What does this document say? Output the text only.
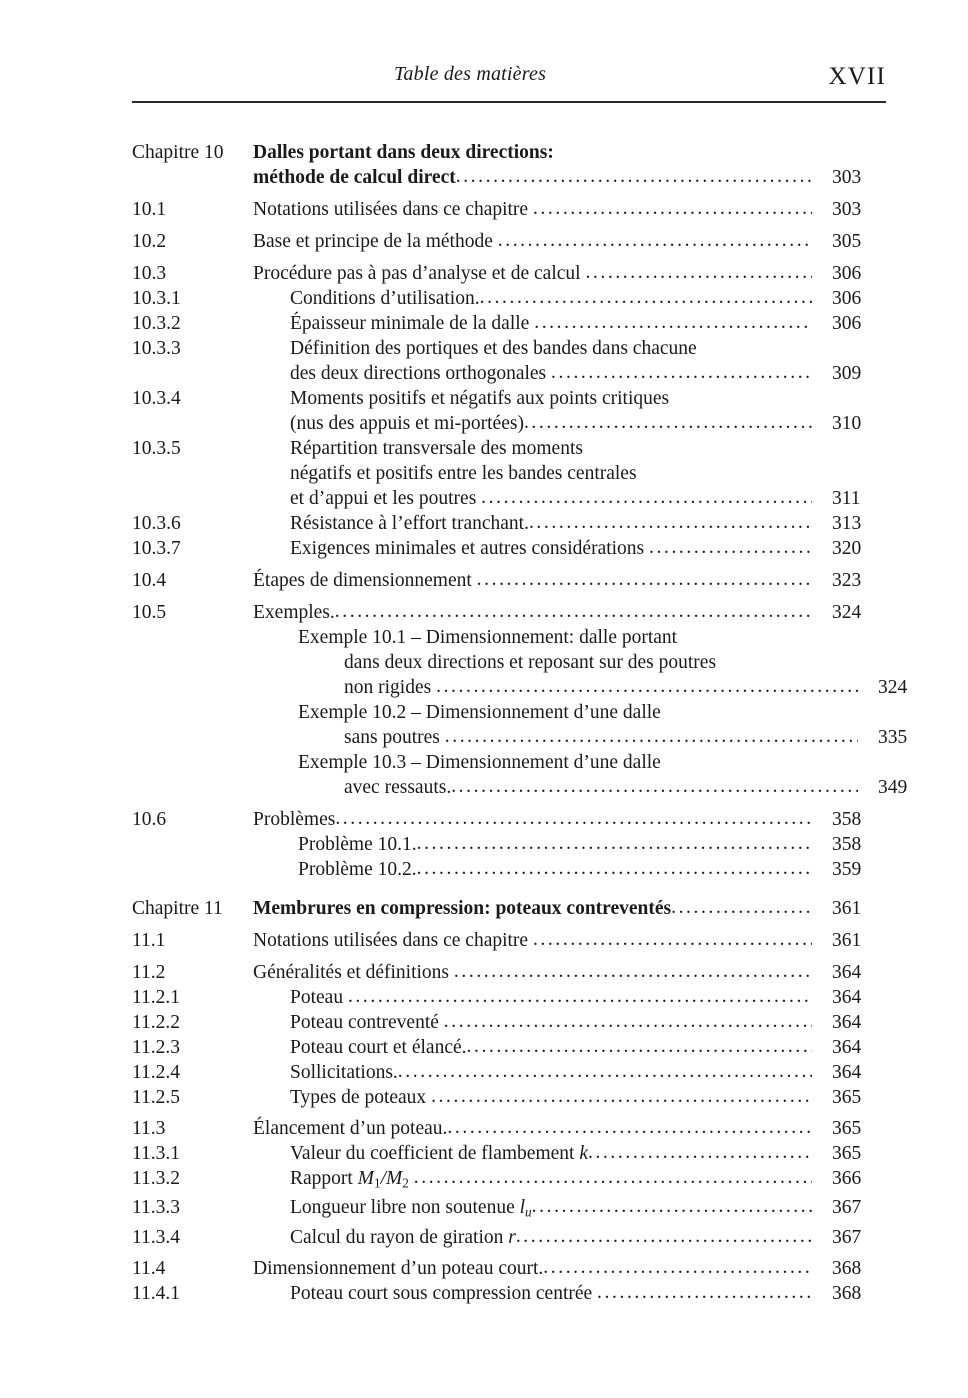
Table des matières	XVII
Chapitre 10	Dalles portant dans deux directions:
méthode de calcul direct .....	303
10.1	Notations utilisées dans ce chapitre .....	303
10.2	Base et principe de la méthode .....	305
10.3	Procédure pas à pas d’analyse et de calcul .....	306
10.3.1	Conditions d’utilisation. .....	306
10.3.2	Épaisseur minimale de la dalle .....	306
10.3.3	Définition des portiques et des bandes dans chacune
des deux directions orthogonales .....	309
10.3.4	Moments positifs et négatifs aux points critiques
(nus des appuis et mi-portées) .....	310
10.3.5	Répartition transversale des moments
négatifs et positifs entre les bandes centrales
et d’appui et les poutres .....	311
10.3.6	Résistance à l’effort tranchant. .....	313
10.3.7	Exigences minimales et autres considérations .....	320
10.4	Étapes de dimensionnement .....	323
10.5	Exemples. .....	324
Exemple 10.1 – Dimensionnement: dalle portant
dans deux directions et reposant sur des poutres
non rigides .....	324
Exemple 10.2 – Dimensionnement d’une dalle
sans poutres .....	335
Exemple 10.3 – Dimensionnement d’une dalle
avec ressauts. .....	349
10.6	Problèmes .....	358
Problème 10.1. .....	358
Problème 10.2. .....	359
Chapitre 11	Membrures en compression: poteaux contreventés .....	361
11.1	Notations utilisées dans ce chapitre .....	361
11.2	Généralités et définitions .....	364
11.2.1	Poteau .....	364
11.2.2	Poteau contreventé .....	364
11.2.3	Poteau court et élancé. .....	364
11.2.4	Sollicitations. .....	364
11.2.5	Types de poteaux .....	365
11.3	Élancement d’un poteau. .....	365
11.3.1	Valeur du coefficient de flambement k .....	365
11.3.2	Rapport $M_1/M_2$ .....	366
11.3.3	Longueur libre non soutenue $l_u$ .....	367
11.3.4	Calcul du rayon de giration r .....	367
11.4	Dimensionnement d’un poteau court. .....	368
11.4.1	Poteau court sous compression centrée .....	368
